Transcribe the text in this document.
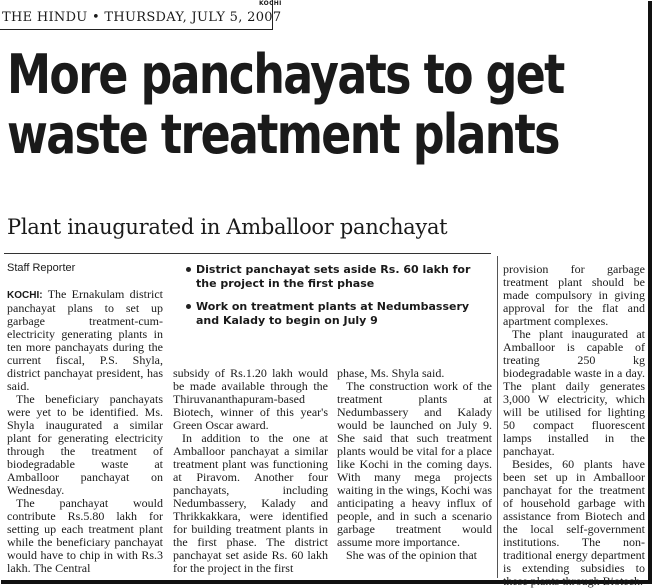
KOCHI
THE HINDU • THURSDAY, JULY 5, 2007
More panchayats to get
waste treatment plants
Plant inaugurated in Amballoor panchayat
Staff Reporter	District panchayat sets aside Rs. 60 lakh for the project in the first phase
Work on treatment plants at Nedumbassery and Kalady to begin on July 9

KOCHI: The Ernakulam district panchayat plans to set up garbage treatment-cum- electricity generating plants in ten more panchayats during the current fiscal, P.S. Shyla, district panchayat president, has said.

The beneficiary panchayats were yet to be identified. Ms. Shyla inaugurated a similar plant for generating electricity through the treatment of biodegradable waste at Amballoor panchayat on Wednesday.

The panchayat would contribute Rs.5.80 lakh for setting up each treatment plant while the beneficiary panchayat would have to chip in with Rs.3 lakh. The Central

subsidy of Rs.1.20 lakh would be made available through the Thiruvananthapuram-based Biotech, winner of this year's Green Oscar award.

In addition to the one at Amballoor panchayat a similar treatment plant was functioning at Piravom. Another four panchayats, including Nedumbassery, Kalady and Thrikkakkara, were identified for building treatment plants in the first phase. The district panchayat set aside Rs. 60 lakh for the project in the first

phase, Ms. Shyla said.

The construction work of the treatment plants at Nedumbassery and Kalady would be launched on July 9. She said that such treatment plants would be vital for a place like Kochi in the coming days. With many mega projects waiting in the wings, Kochi was anticipating a heavy influx of people, and in such a scenario garbage treatment would assume more importance.

She was of the opinion that

provision for garbage treatment plant should be made compulsory in giving approval for the flat and apartment complexes.

The plant inaugurated at Amballoor is capable of treating 250 kg biodegradable waste in a day. The plant daily generates 3,000 W electricity, which will be utilised for lighting 50 compact fluorescent lamps installed in the panchayat.

Besides, 60 plants have been set up in Amballoor panchayat for the treatment of household garbage with assistance from Biotech and the local self-government institutions. The non-traditional energy department is extending subsidies to these plants through Biotech.
